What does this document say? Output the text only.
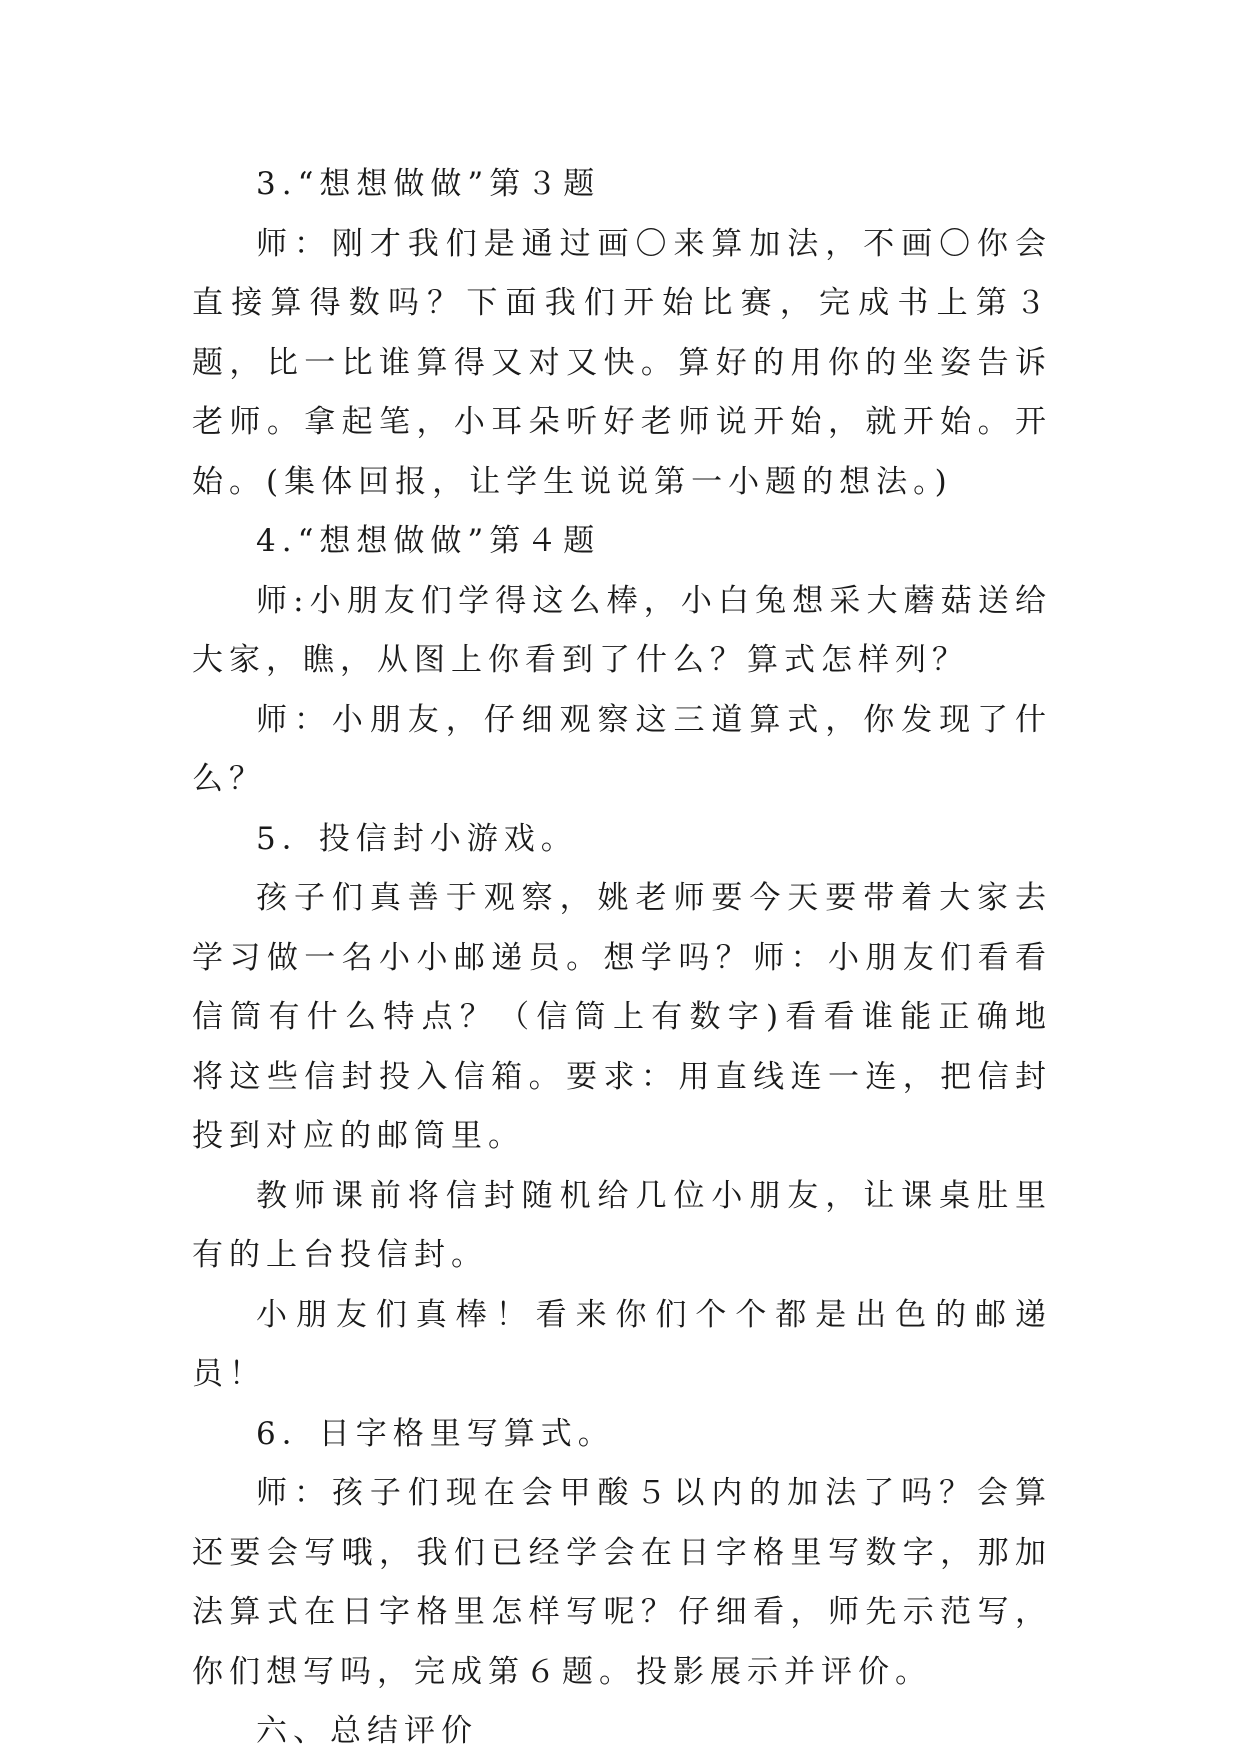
3.“想想做做”第３题

师：刚才我们是通过画〇来算加法，不画〇你会直接算得数吗？下面我们开始比赛，完成书上第３题，比一比谁算得又对又快。算好的用你的坐姿告诉老师。拿起笔，小耳朵听好老师说开始，就开始。开始。(集体回报，让学生说说第一小题的想法。)

4.“想想做做”第４题

师:小朋友们学得这么棒，小白兔想采大蘑菇送给大家，瞧，从图上你看到了什么？算式怎样列？

师：小朋友，仔细观察这三道算式，你发现了什么？

5．投信封小游戏。

孩子们真善于观察，姚老师要今天要带着大家去学习做一名小小邮递员。想学吗？师：小朋友们看看信筒有什么特点？（信筒上有数字)看看谁能正确地将这些信封投入信箱。要求：用直线连一连，把信封投到对应的邮筒里。

教师课前将信封随机给几位小朋友，让课桌肚里有的上台投信封。

小朋友们真棒！看来你们个个都是出色的邮递员！

6．日字格里写算式。

师：孩子们现在会甲酸５以内的加法了吗？会算还要会写哦，我们已经学会在日字格里写数字，那加法算式在日字格里怎样写呢？仔细看，师先示范写，你们想写吗，完成第６题。投影展示并评价。

六、总结评价
